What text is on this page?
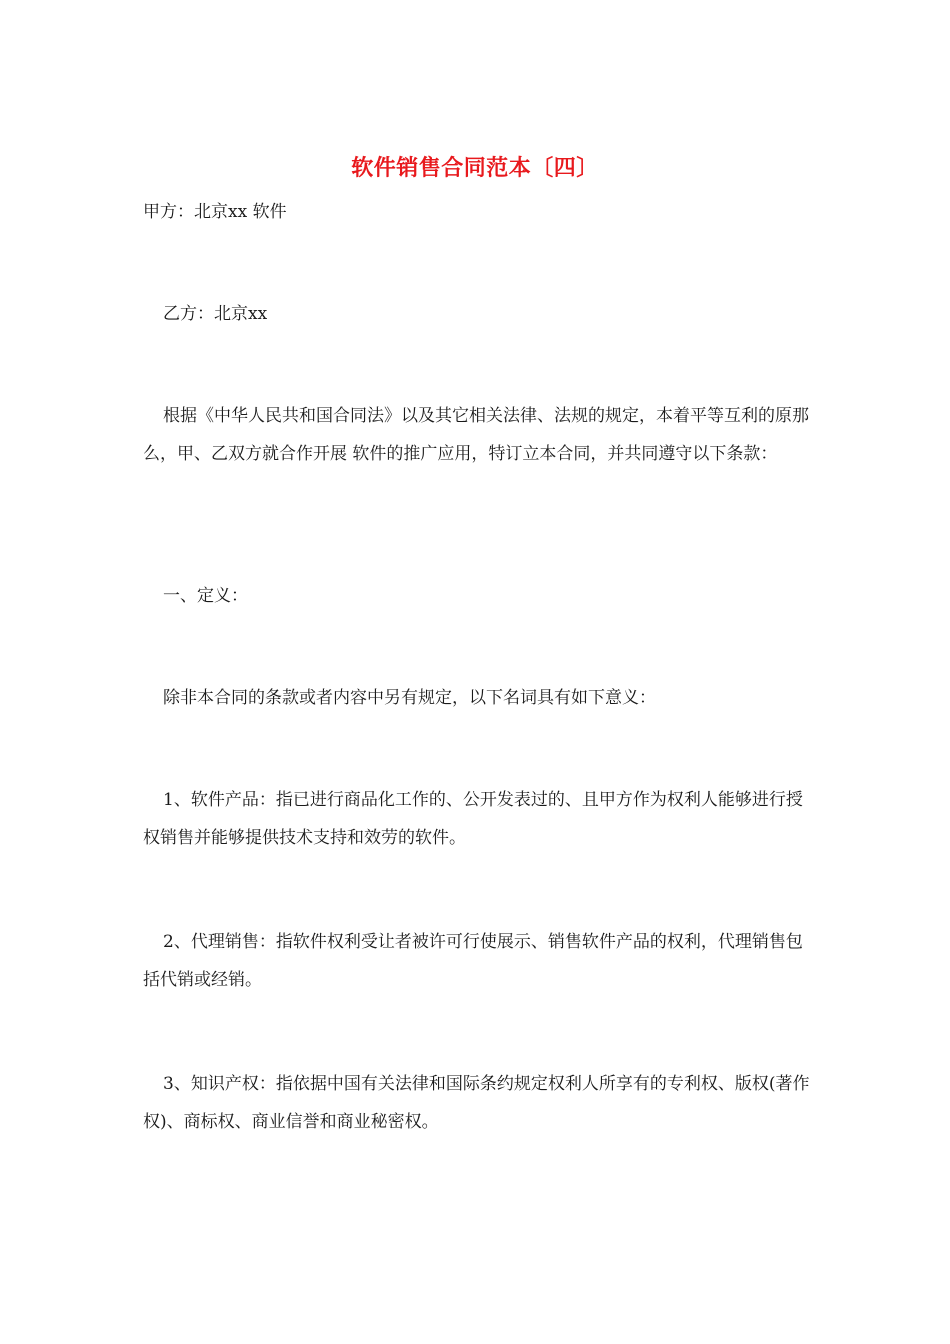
软件销售合同范本〔四〕

甲方：北京xx 软件

乙方：北京xx

根据《中华人民共和国合同法》以及其它相关法律、法规的规定，本着平等互利的原那么，甲、乙双方就合作开展 软件的推广应用，特订立本合同，并共同遵守以下条款：

一、定义：

除非本合同的条款或者内容中另有规定，以下名词具有如下意义：

1、软件产品：指已进行商品化工作的、公开发表过的、且甲方作为权利人能够进行授权销售并能够提供技术支持和效劳的软件。

2、代理销售：指软件权利受让者被许可行使展示、销售软件产品的权利，代理销售包括代销或经销。

3、知识产权：指依据中国有关法律和国际条约规定权利人所享有的专利权、版权(著作权)、商标权、商业信誉和商业秘密权。
